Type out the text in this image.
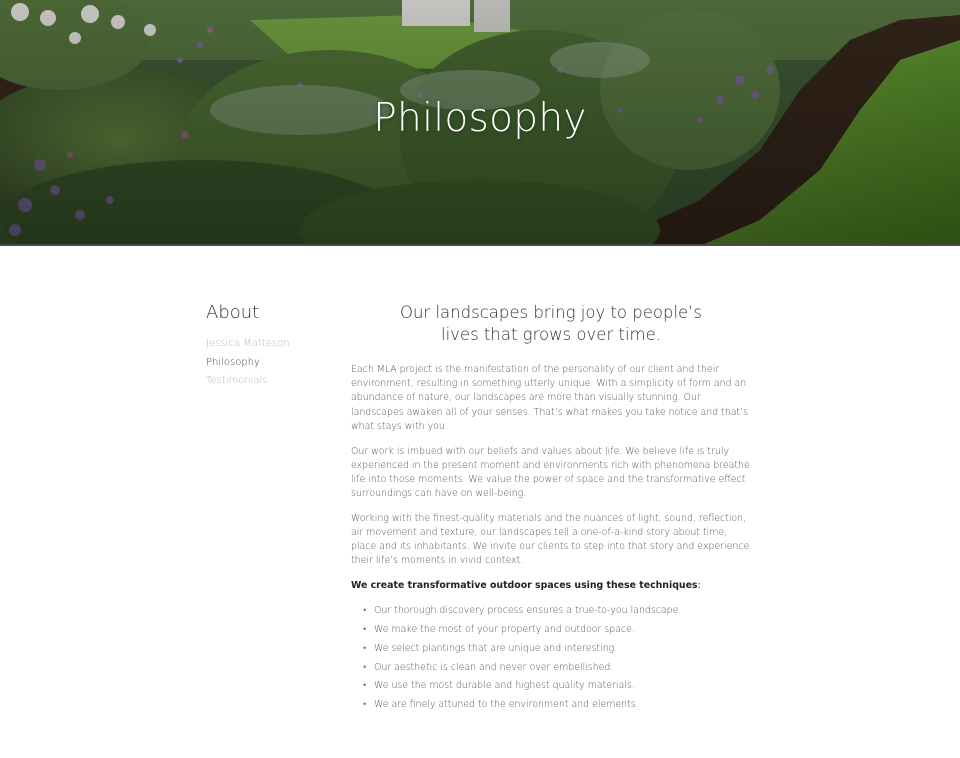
Philosophy
About
Jessica Matteson
Philosophy
Testimonials
Our landscapes bring joy to people’s
lives that grows over time.

Each MLA project is the manifestation of the personality of our client and their environment, resulting in something utterly unique. With a simplicity of form and an abundance of nature, our landscapes are more than visually stunning. Our landscapes awaken all of your senses. That’s what makes you take notice and that’s what stays with you.

Our work is imbued with our beliefs and values about life. We believe life is truly experienced in the present moment and environments rich with phenomena breathe life into those moments. We value the power of space and the transformative effect surroundings can have on well-being.

Working with the finest-quality materials and the nuances of light, sound, reflection, air movement and texture, our landscapes tell a one-of-a-kind story about time, place and its inhabitants. We invite our clients to step into that story and experience their life’s moments in vivid context.

We create transformative outdoor spaces using these techniques:

• Our thorough discovery process ensures a true-to-you landscape.
• We make the most of your property and outdoor space.
• We select plantings that are unique and interesting.
• Our aesthetic is clean and never over embellished.
• We use the most durable and highest quality materials.
• We are finely attuned to the environment and elements.
